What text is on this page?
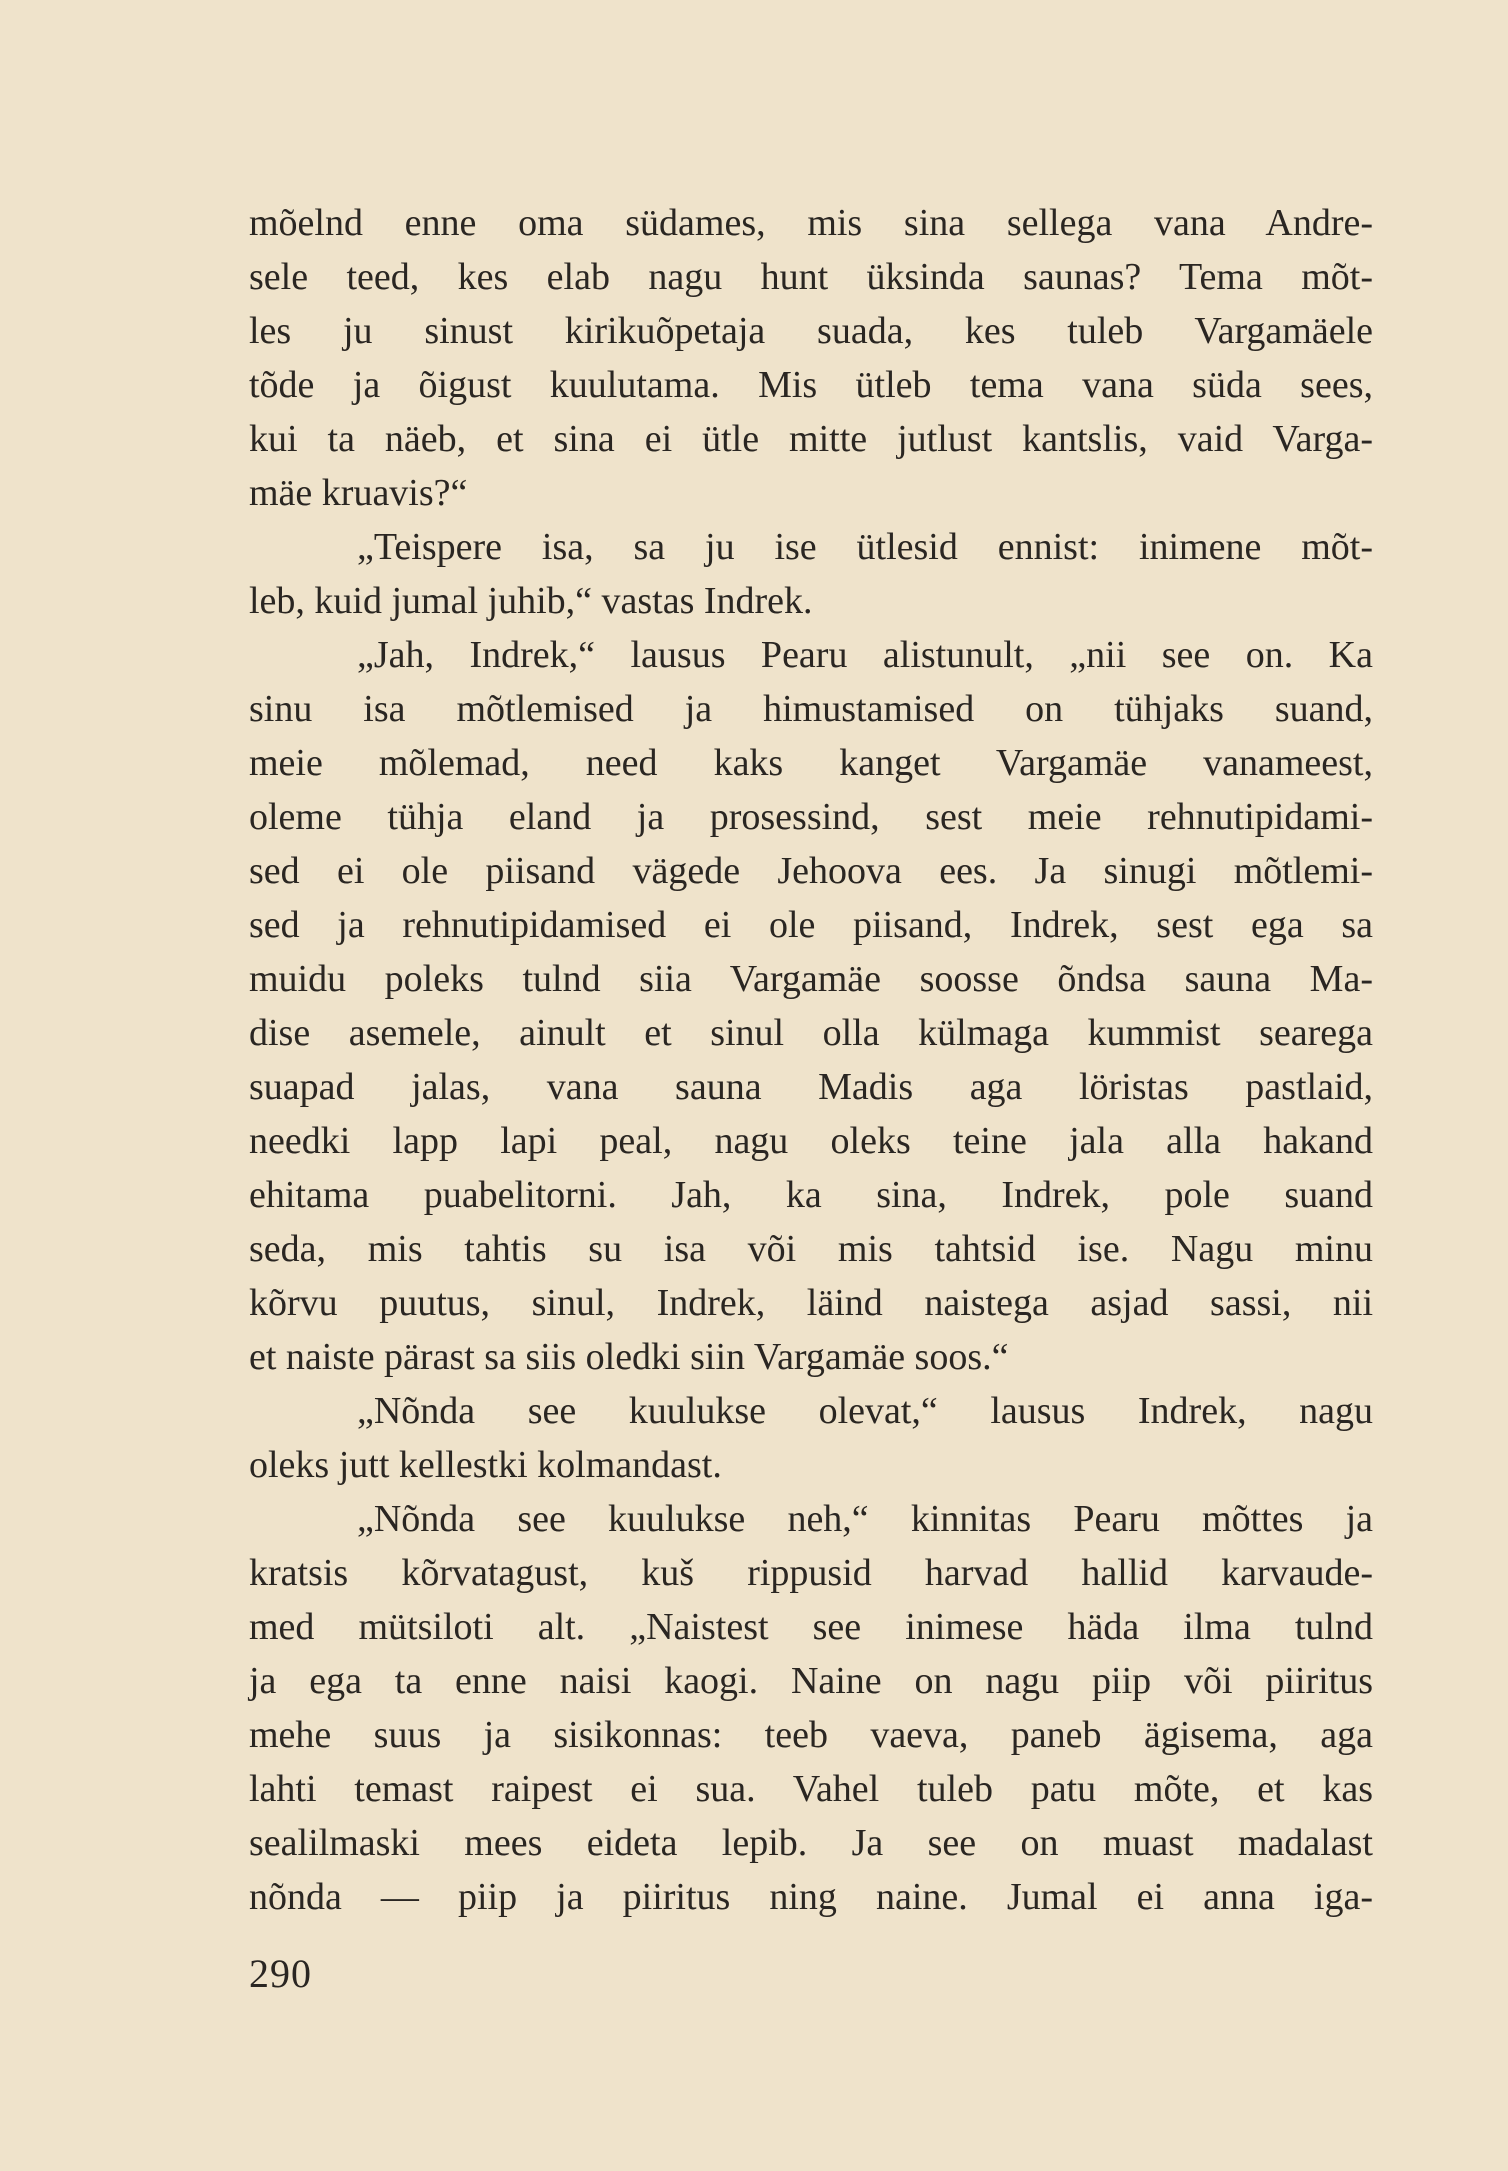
mõelnd enne oma südames, mis sina sellega vana Andre-
sele teed, kes elab nagu hunt üksinda saunas? Tema mõt-
les ju sinust kirikuõpetaja suada, kes tuleb Vargamäele
tõde ja õigust kuulutama. Mis ütleb tema vana süda sees,
kui ta näeb, et sina ei ütle mitte jutlust kantslis, vaid Varga-
mäe kruavis?“
„Teispere isa, sa ju ise ütlesid ennist: inimene mõt-
leb, kuid jumal juhib,“ vastas Indrek.
„Jah, Indrek,“ lausus Pearu alistunult, „nii see on. Ka
sinu isa mõtlemised ja himustamised on tühjaks suand,
meie mõlemad, need kaks kanget Vargamäe vanameest,
oleme tühja eland ja prosessind, sest meie rehnutipidami-
sed ei ole piisand vägede Jehoova ees. Ja sinugi mõtlemi-
sed ja rehnutipidamised ei ole piisand, Indrek, sest ega sa
muidu poleks tulnd siia Vargamäe soosse õndsa sauna Ma-
dise asemele, ainult et sinul olla külmaga kummist searega
suapad jalas, vana sauna Madis aga löristas pastlaid,
needki lapp lapi peal, nagu oleks teine jala alla hakand
ehitama puabelitorni. Jah, ka sina, Indrek, pole suand
seda, mis tahtis su isa või mis tahtsid ise. Nagu minu
kõrvu puutus, sinul, Indrek, läind naistega asjad sassi, nii
et naiste pärast sa siis oledki siin Vargamäe soos.“
„Nõnda see kuulukse olevat,“ lausus Indrek, nagu
oleks jutt kellestki kolmandast.
„Nõnda see kuulukse neh,“ kinnitas Pearu mõttes ja
kratsis kõrvatagust, kuš rippusid harvad hallid karvaude-
med mütsiloti alt. „Naistest see inimese häda ilma tulnd
ja ega ta enne naisi kaogi. Naine on nagu piip või piiritus
mehe suus ja sisikonnas: teeb vaeva, paneb ägisema, aga
lahti temast raipest ei sua. Vahel tuleb patu mõte, et kas
sealilmaski mees eideta lepib. Ja see on muast madalast
nõnda — piip ja piiritus ning naine. Jumal ei anna iga-
290
